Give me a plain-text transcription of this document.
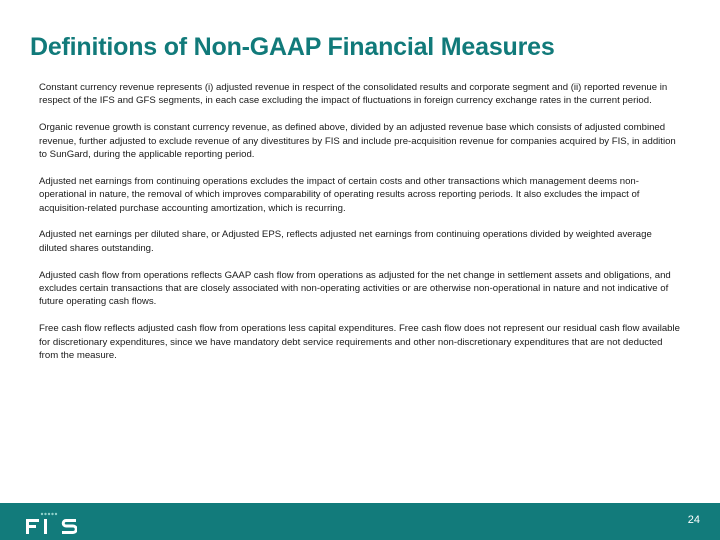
Definitions of Non-GAAP Financial Measures

Constant currency revenue represents (i) adjusted revenue in respect of the consolidated results and corporate segment and (ii) reported revenue in respect of the IFS and GFS segments, in each case excluding the impact of fluctuations in foreign currency exchange rates in the current period.

Organic revenue growth is constant currency revenue, as defined above, divided by an adjusted revenue base which consists of adjusted combined revenue, further adjusted to exclude revenue of any divestitures by FIS and include pre-acquisition revenue for companies acquired by FIS, in addition to SunGard, during the applicable reporting period.

Adjusted net earnings from continuing operations excludes the impact of certain costs and other transactions which management deems non-operational in nature, the removal of which improves comparability of operating results across reporting periods. It also excludes the impact of acquisition-related purchase accounting amortization, which is recurring.

Adjusted net earnings per diluted share, or Adjusted EPS, reflects adjusted net earnings from continuing operations divided by weighted average diluted shares outstanding.

Adjusted cash flow from operations reflects GAAP cash flow from operations as adjusted for the net change in settlement assets and obligations, and excludes certain transactions that are closely associated with non-operating activities or are otherwise non-operational in nature and not indicative of future operating cash flows.

Free cash flow reflects adjusted cash flow from operations less capital expenditures. Free cash flow does not represent our residual cash flow available for discretionary expenditures, since we have mandatory debt service requirements and other non-discretionary expenditures that are not deducted from the measure.

24
